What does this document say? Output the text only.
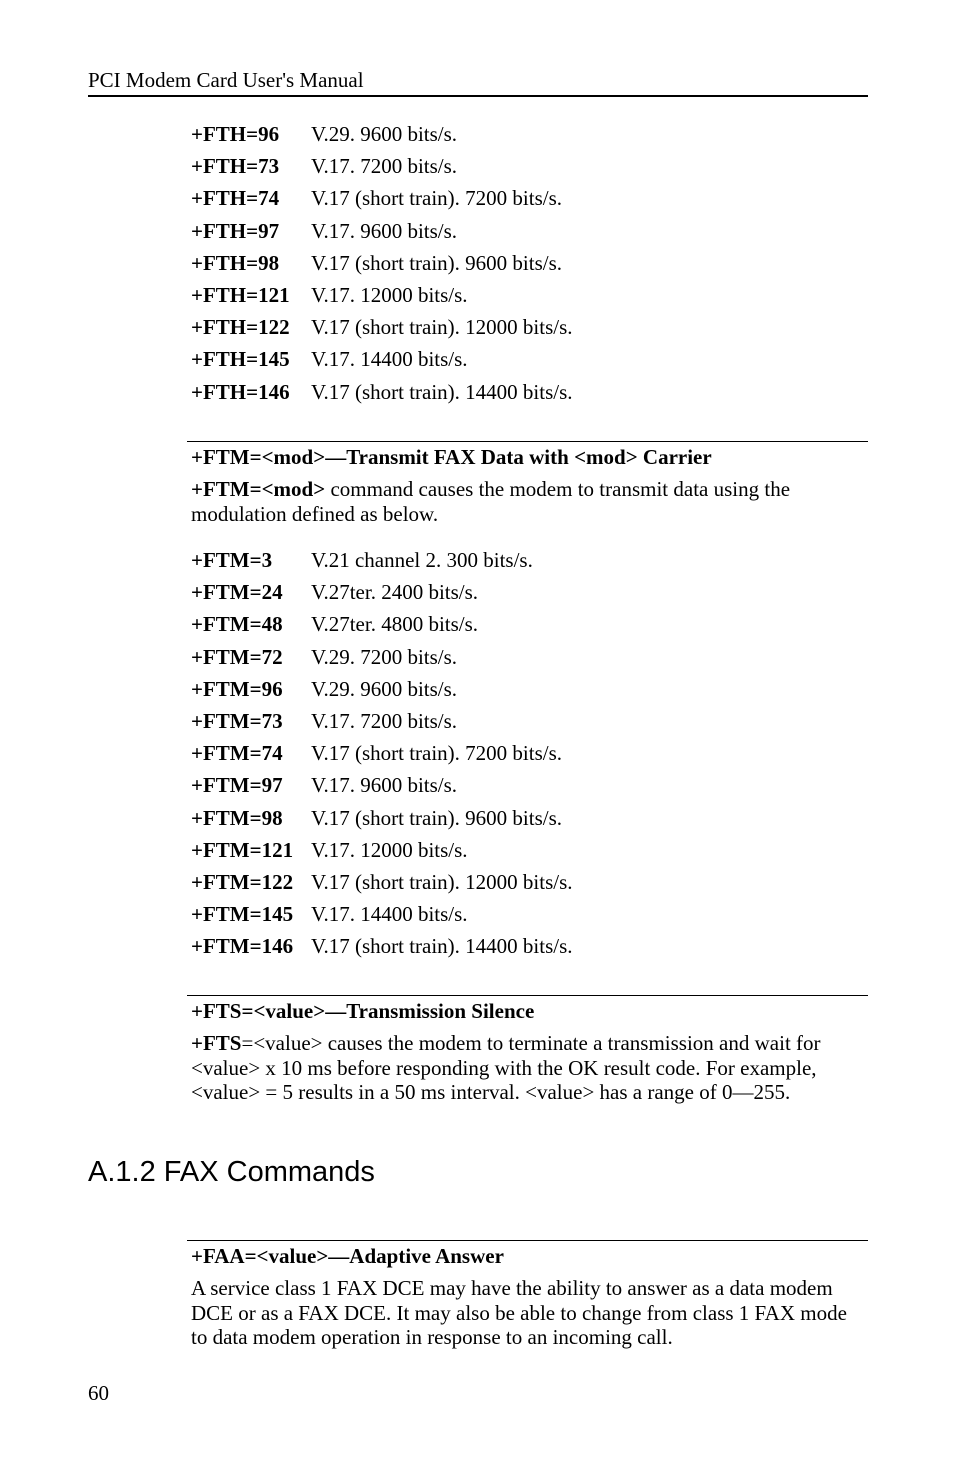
PCI Modem Card User's Manual
+FTH=96 V.29. 9600 bits/s.
+FTH=73 V.17. 7200 bits/s.
+FTH=74 V.17 (short train). 7200 bits/s.
+FTH=97 V.17. 9600 bits/s.
+FTH=98 V.17 (short train). 9600 bits/s.
+FTH=121 V.17. 12000 bits/s.
+FTH=122 V.17 (short train). 12000 bits/s.
+FTH=145 V.17. 14400 bits/s.
+FTH=146 V.17 (short train). 14400 bits/s.
+FTM=<mod>—Transmit FAX Data with <mod> Carrier
+FTM=<mod> command causes the modem to transmit data using the modulation defined as below.
+FTM=3 V.21 channel 2. 300 bits/s.
+FTM=24 V.27ter. 2400 bits/s.
+FTM=48 V.27ter. 4800 bits/s.
+FTM=72 V.29. 7200 bits/s.
+FTM=96 V.29. 9600 bits/s.
+FTM=73 V.17. 7200 bits/s.
+FTM=74 V.17 (short train). 7200 bits/s.
+FTM=97 V.17. 9600 bits/s.
+FTM=98 V.17 (short train). 9600 bits/s.
+FTM=121 V.17. 12000 bits/s.
+FTM=122 V.17 (short train). 12000 bits/s.
+FTM=145 V.17. 14400 bits/s.
+FTM=146 V.17 (short train). 14400 bits/s.
+FTS=<value>—Transmission Silence
+FTS=<value> causes the modem to terminate a transmission and wait for <value> x 10 ms before responding with the OK result code. For example, <value> = 5 results in a 50 ms interval. <value> has a range of 0—255.
A.1.2 FAX Commands
+FAA=<value>—Adaptive Answer
A service class 1 FAX DCE may have the ability to answer as a data modem DCE or as a FAX DCE. It may also be able to change from class 1 FAX mode to data modem operation in response to an incoming call.
60
